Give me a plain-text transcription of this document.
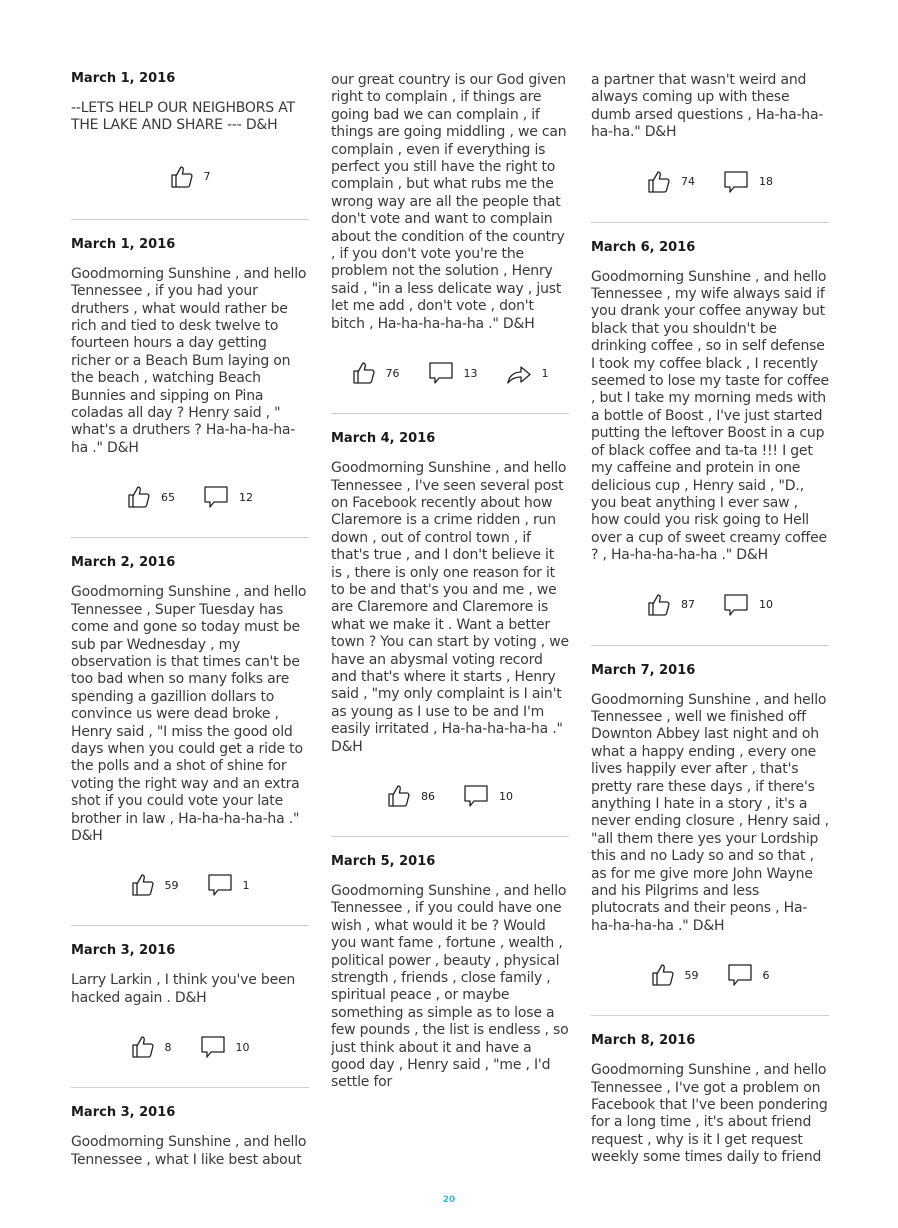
March 1, 2016

--LETS HELP OUR NEIGHBORS AT THE LAKE AND SHARE --- D&H

7

March 1, 2016

Goodmorning Sunshine , and hello Tennessee , if you had your druthers , what would rather be rich and tied to desk twelve to fourteen hours a day getting richer or a Beach Bum laying on the beach , watching Beach Bunnies and sipping on Pina coladas all day ? Henry said , " what's a druthers ? Ha-ha-ha-ha-ha ." D&H

65	12

March 2, 2016

Goodmorning Sunshine , and hello Tennessee , Super Tuesday has come and gone so today must be sub par Wednesday , my observation is that times can't be too bad when so many folks are spending a gazillion dollars to convince us were dead broke , Henry said , "I miss the good old days when you could get a ride to the polls and a shot of shine for voting the right way and an extra shot if you could vote your late brother in law , Ha-ha-ha-ha-ha ." D&H

59	1

March 3, 2016

Larry Larkin , I think you've been hacked again . D&H

8	10

March 3, 2016

Goodmorning Sunshine , and hello Tennessee , what I like best about

our great country is our God given right to complain , if things are going bad we can complain , if things are going middling , we can complain , even if everything is perfect you still have the right to complain , but what rubs me the wrong way are all the people that don't vote and want to complain about the condition of the country , if you don't vote you're the problem not the solution , Henry said , "in a less delicate way , just let me add , don't vote , don't bitch , Ha-ha-ha-ha-ha ." D&H

76	13	1

March 4, 2016

Goodmorning Sunshine , and hello Tennessee , I've seen several post on Facebook recently about how Claremore is a crime ridden , run down , out of control town , if that's true , and I don't believe it is , there is only one reason for it to be and that's you and me , we are Claremore and Claremore is what we make it . Want a better town ? You can start by voting , we have an abysmal voting record and that's where it starts , Henry said , "my only complaint is I ain't as young as I use to be and I'm easily irritated , Ha-ha-ha-ha-ha ." D&H

86	10

March 5, 2016

Goodmorning Sunshine , and hello Tennessee , if you could have one wish , what would it be ? Would you want fame , fortune , wealth , political power , beauty , physical strength , friends , close family , spiritual peace , or maybe something as simple as to lose a few pounds , the list is endless , so just think about it and have a good day , Henry said , "me , I'd settle for

a partner that wasn't weird and always coming up with these dumb arsed questions , Ha-ha-ha-ha-ha." D&H

74	18

March 6, 2016

Goodmorning Sunshine , and hello Tennessee , my wife always said if you drank your coffee anyway but black that you shouldn't be drinking coffee , so in self defense I took my coffee black , I recently seemed to lose my taste for coffee , but I take my morning meds with a bottle of Boost , I've just started putting the leftover Boost in a cup of black coffee and ta-ta !!! I get my caffeine and protein in one delicious cup , Henry said , "D., you beat anything I ever saw , how could you risk going to Hell over a cup of sweet creamy coffee ? , Ha-ha-ha-ha-ha ." D&H

87	10

March 7, 2016

Goodmorning Sunshine , and hello Tennessee , well we finished off Downton Abbey last night and oh what a happy ending , every one lives happily ever after , that's pretty rare these days , if there's anything I hate in a story , it's a never ending closure , Henry said , "all them there yes your Lordship this and no Lady so and so that , as for me give more John Wayne and his Pilgrims and less plutocrats and their peons , Ha-ha-ha-ha-ha ." D&H

59	6

March 8, 2016

Goodmorning Sunshine , and hello Tennessee , I've got a problem on Facebook that I've been pondering for a long time , it's about friend request , why is it I get request weekly some times daily to friend

20
